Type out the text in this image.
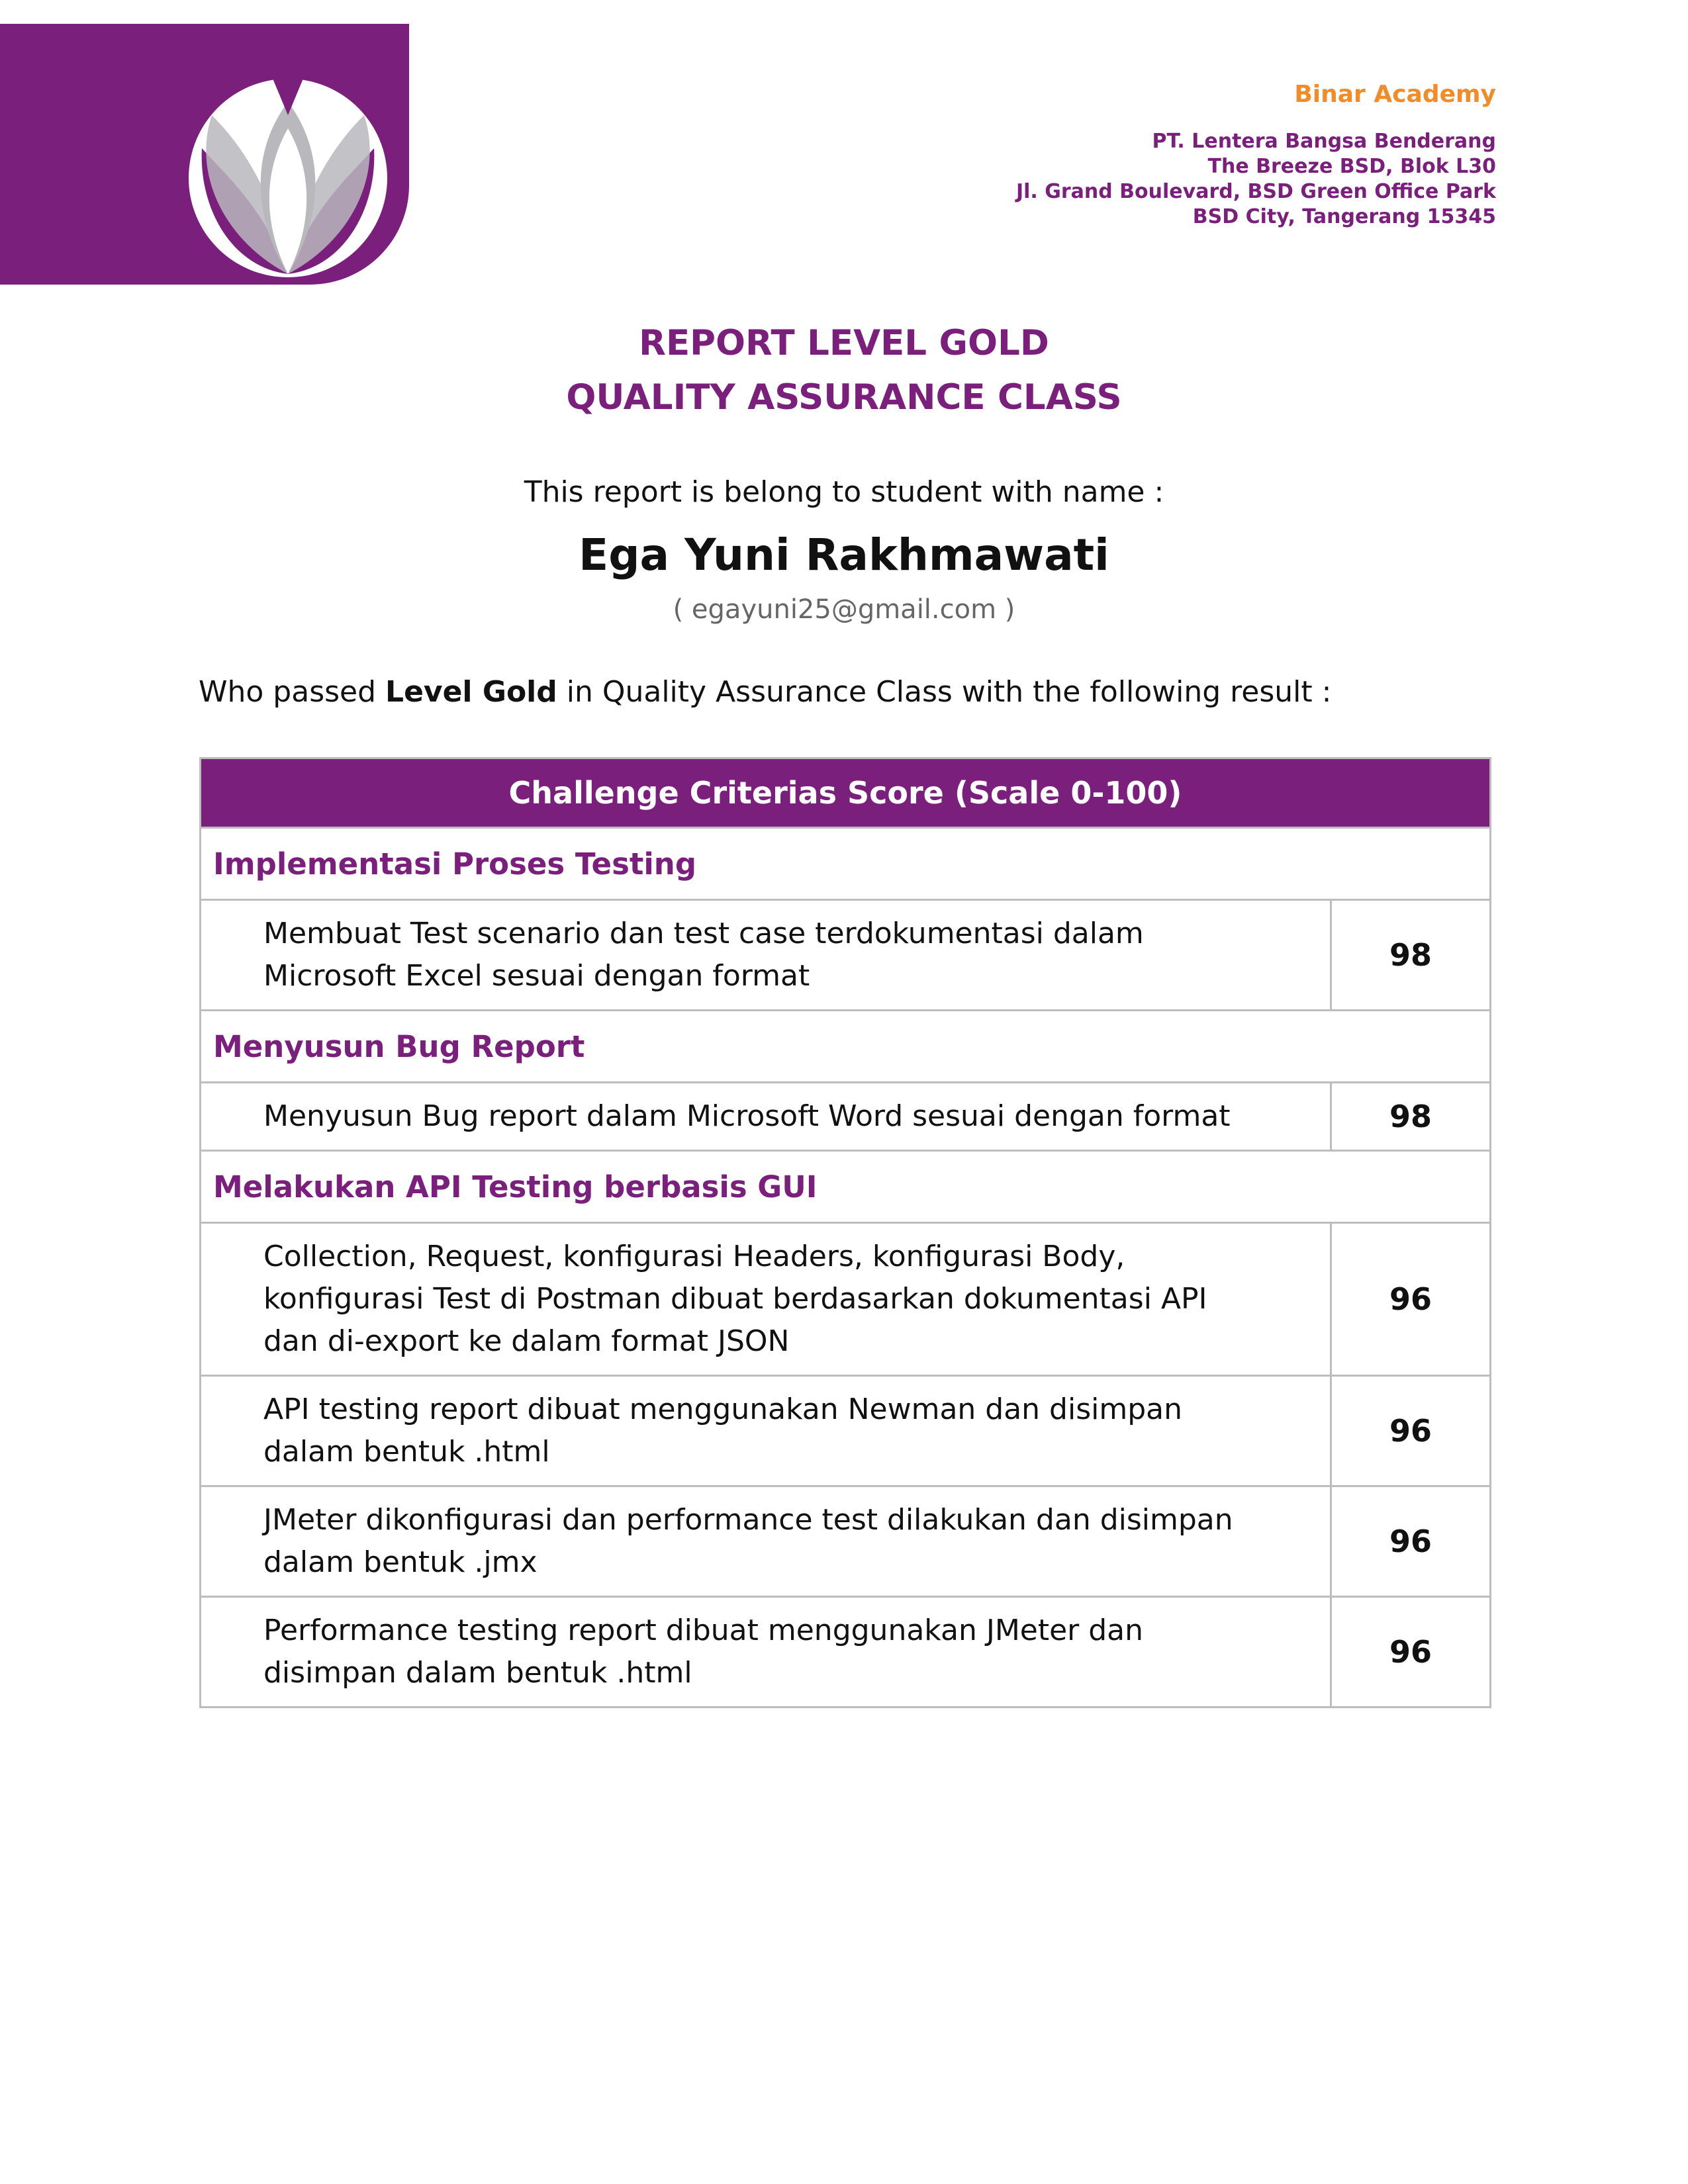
Binar Academy
PT. Lentera Bangsa Benderang
The Breeze BSD, Blok L30
Jl. Grand Boulevard, BSD Green Office Park
BSD City, Tangerang 15345
REPORT LEVEL GOLD
QUALITY ASSURANCE CLASS
This report is belong to student with name :
Ega Yuni Rakhmawati
( egayuni25@gmail.com )
Who passed Level Gold in Quality Assurance Class with the following result :
Challenge Criterias Score (Scale 0-100)	
Implementasi Proses Testing	

Membuat Test scenario dan test case terdokumentasi dalam
Microsoft Excel sesuai dengan format	98
Menyusun Bug Report	

Menyusun Bug report dalam Microsoft Word sesuai dengan format	98
Melakukan API Testing berbasis GUI	

Collection, Request, konfigurasi Headers, konfigurasi Body,
konfigurasi Test di Postman dibuat berdasarkan dokumentasi API
dan di-export ke dalam format JSON	96

API testing report dibuat menggunakan Newman dan disimpan
dalam bentuk .html	96

JMeter dikonfigurasi dan performance test dilakukan dan disimpan
dalam bentuk .jmx	96

Performance testing report dibuat menggunakan JMeter dan
disimpan dalam bentuk .html	96
